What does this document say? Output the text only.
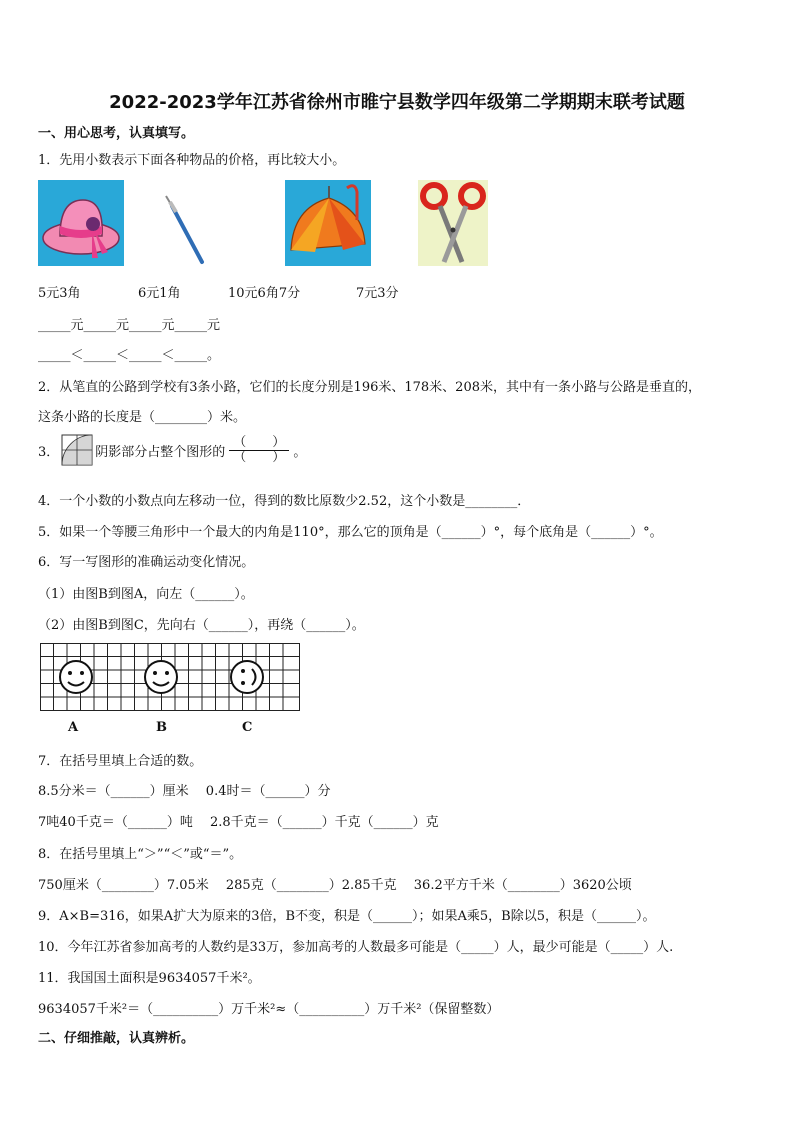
2022-2023学年江苏省徐州市睢宁县数学四年级第二学期期末联考试题
一、用心思考，认真填写。
1．先用小数表示下面各种物品的价格，再比较大小。
5元3角	6元1角	10元6角7分	7元3分
_____元_____元_____元_____元
_____＜_____＜_____＜_____。
2．从笔直的公路到学校有3条小路，它们的长度分别是196米、178米、208米，其中有一条小路与公路是垂直的，
这条小路的长度是（________）米。
3．	阴影部分占整个图形的 $\frac{( )}{( )}$ 。
4．一个小数的小数点向左移动一位，得到的数比原数少2.52，这个小数是________．
5．如果一个等腰三角形中一个最大的内角是110°，那么它的顶角是（______）°，每个底角是（______）°。
6．写一写图形的准确运动变化情况。
（1）由图B到图A，向左（______）。
（2）由图B到图C，先向右（______），再绕（______）。
A	B	C
7．在括号里填上合适的数。
8.5分米＝（______）厘米　 0.4时＝（______）分
7吨40千克＝（______）吨　 2.8千克＝（______）千克（______）克
8．在括号里填上“＞”“＜”或“＝”。
750厘米（________）7.05米　 285克（________）2.85千克　 36.2平方千米（________）3620公顷
9．A×B=316，如果A扩大为原来的3倍，B不变，积是（______）；如果A乘5，B除以5，积是（______）。
10．今年江苏省参加高考的人数约是33万，参加高考的人数最多可能是（_____）人，最少可能是（_____）人.
11．我国国土面积是9634057千米²。
9634057千米²＝（__________）万千米²≈（__________）万千米²（保留整数）
二、仔细推敲，认真辨析。
